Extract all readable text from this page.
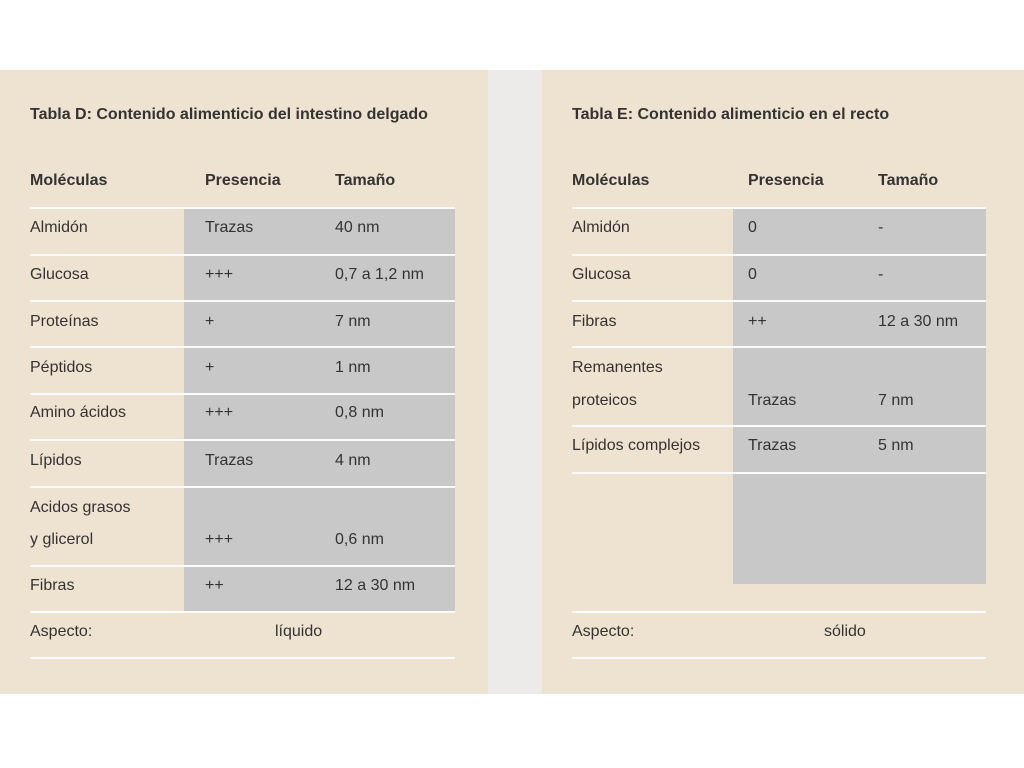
Tabla D: Contenido alimenticio del intestino delgado
Moléculas	Presencia	Tamaño
Almidón	Trazas	40 nm
Glucosa	+++	0,7 a 1,2 nm
Proteínas	+	7 nm
Péptidos	+	1 nm
Amino ácidos	+++	0,8 nm
Lípidos	Trazas	4 nm
Acidos grasos
y glicerol	+++	0,6 nm
Fibras	++	12 a 30 nm
Aspecto:	líquido
Tabla E: Contenido alimenticio en el recto
Moléculas	Presencia	Tamaño
Almidón	0	-
Glucosa	0	-
Fibras	++	12 a 30 nm
Remanentes
proteicos	Trazas	7 nm
Lípidos complejos	Trazas	5 nm
Aspecto:	sólido
